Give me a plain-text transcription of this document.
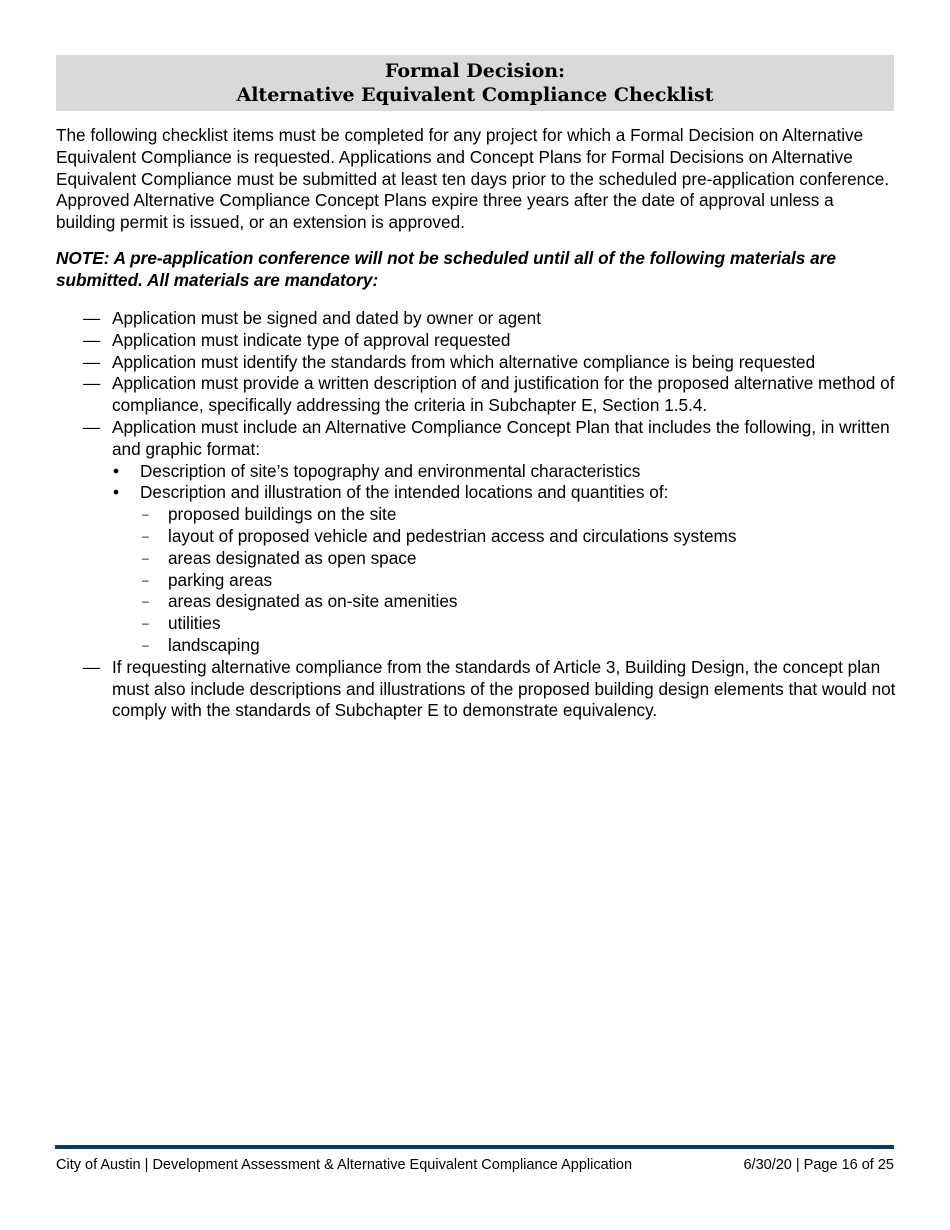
Formal Decision:
Alternative Equivalent Compliance Checklist

The following checklist items must be completed for any project for which a Formal Decision on Alternative Equivalent Compliance is requested. Applications and Concept Plans for Formal Decisions on Alternative Equivalent Compliance must be submitted at least ten days prior to the scheduled pre-application conference. Approved Alternative Compliance Concept Plans expire three years after the date of approval unless a building permit is issued, or an extension is approved.

NOTE: A pre-application conference will not be scheduled until all of the following materials are submitted. All materials are mandatory:

— Application must be signed and dated by owner or agent
— Application must indicate type of approval requested
— Application must identify the standards from which alternative compliance is being requested
— Application must provide a written description of and justification for the proposed alternative method of compliance, specifically addressing the criteria in Subchapter E, Section 1.5.4.
— Application must include an Alternative Compliance Concept Plan that includes the following, in written and graphic format:
• Description of site’s topography and environmental characteristics
• Description and illustration of the intended locations and quantities of:
– proposed buildings on the site
– layout of proposed vehicle and pedestrian access and circulations systems
– areas designated as open space
– parking areas
– areas designated as on-site amenities
– utilities
– landscaping
— If requesting alternative compliance from the standards of Article 3, Building Design, the concept plan must also include descriptions and illustrations of the proposed building design elements that would not comply with the standards of Subchapter E to demonstrate equivalency.
City of Austin | Development Assessment & Alternative Equivalent Compliance Application	6/30/20 | Page 16 of 25
